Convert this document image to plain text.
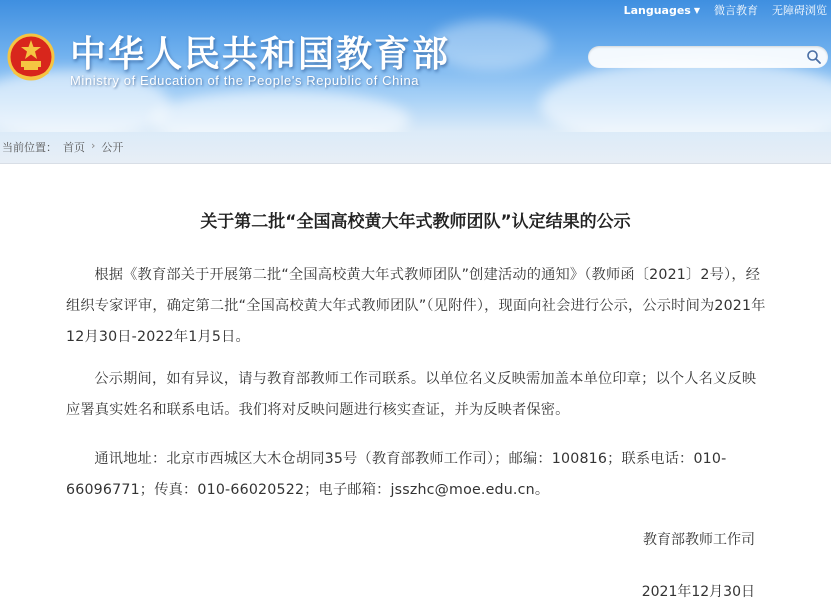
中华人民共和国教育部
Ministry of Education of the People's Republic of China
Languages ▼ 微言教育 无障碍浏览
当前位置： 首页 › 公开
关于第二批“全国高校黄大年式教师团队”认定结果的公示
根据《教育部关于开展第二批“全国高校黄大年式教师团队”创建活动的通知》（教师函〔2021〕2号），经组织专家评审，确定第二批“全国高校黄大年式教师团队”（见附件），现面向社会进行公示，公示时间为2021年12月30日-2022年1月5日。
公示期间，如有异议，请与教育部教师工作司联系。以单位名义反映需加盖本单位印章；以个人名义反映应署真实姓名和联系电话。我们将对反映问题进行核实查证，并为反映者保密。
通讯地址：北京市西城区大木仓胡同35号（教育部教师工作司）；邮编：100816；联系电话：010-66096771；传真：010-66020522；电子邮箱：jsszhc@moe.edu.cn。
教育部教师工作司
2021年12月30日
